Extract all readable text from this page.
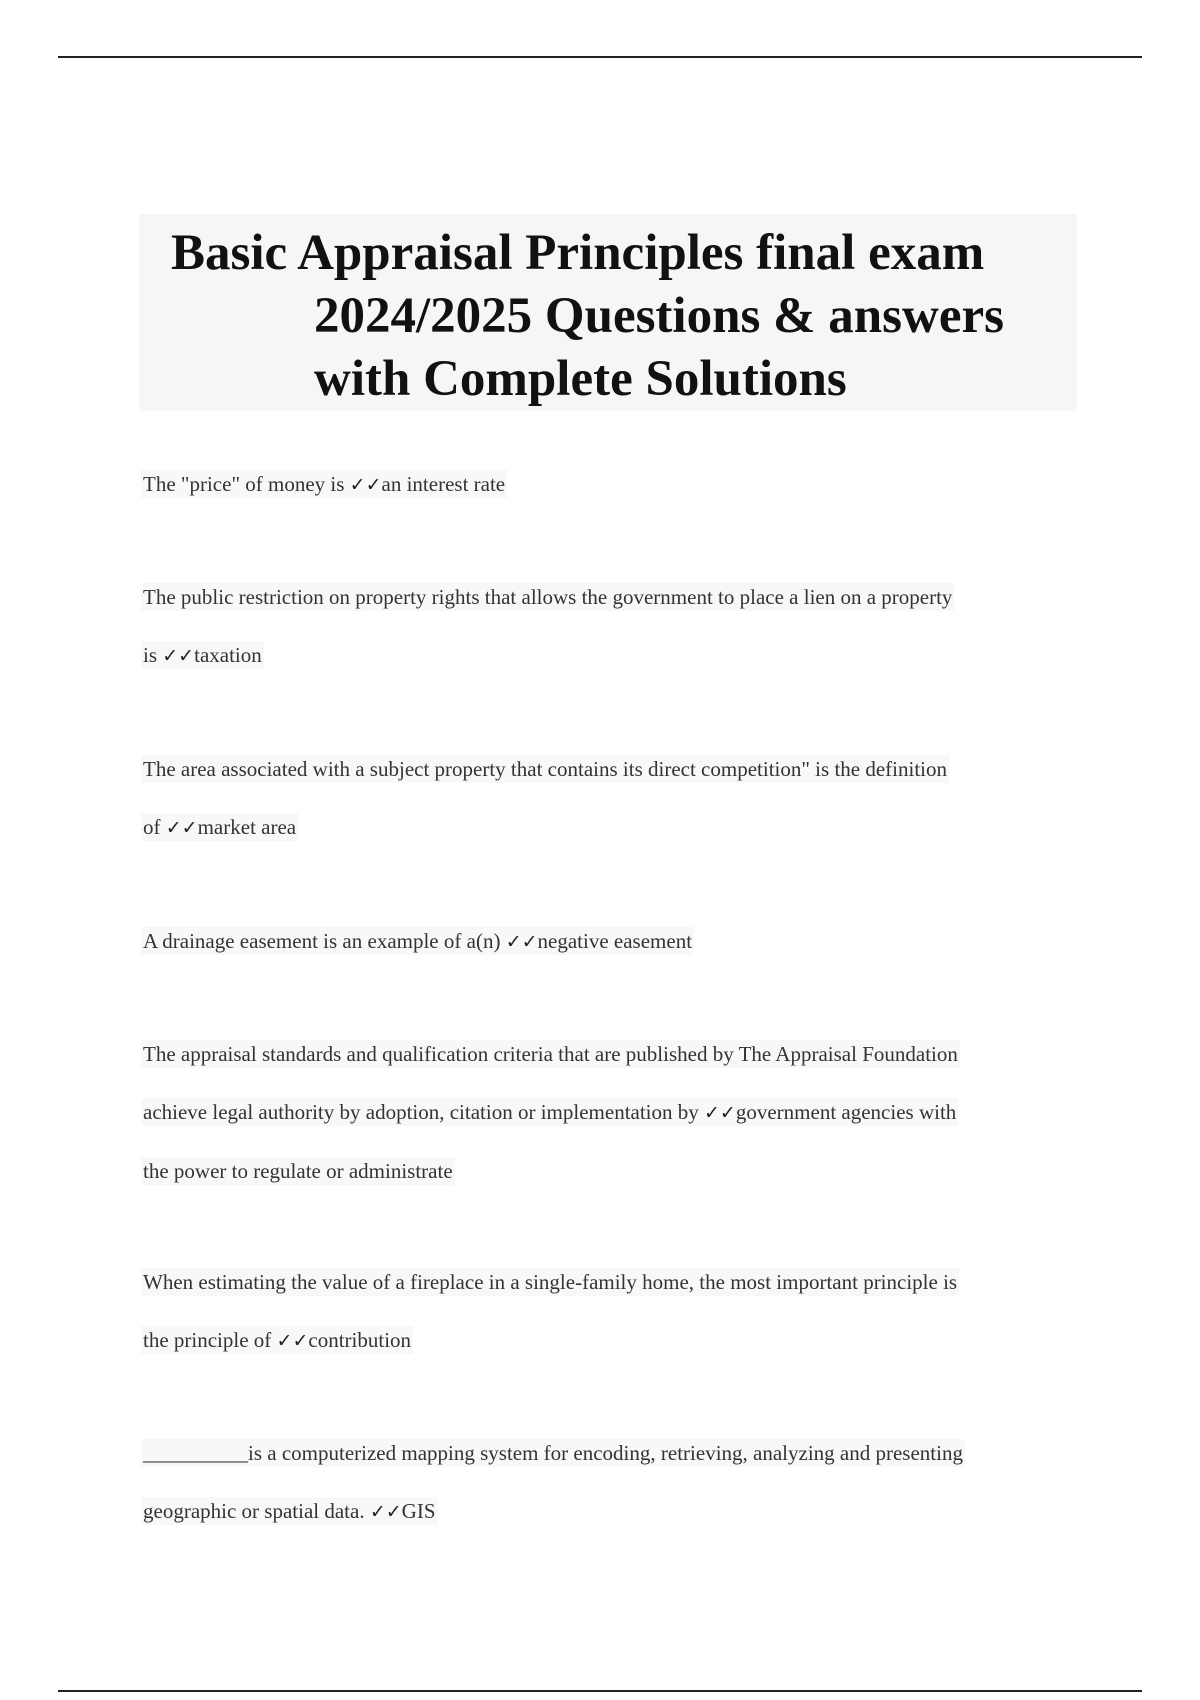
Basic Appraisal Principles final exam
2024/2025 Questions & answers
with Complete Solutions
The "price" of money is ✓✓an interest rate
The public restriction on property rights that allows the government to place a lien on a property
is ✓✓taxation
The area associated with a subject property that contains its direct competition" is the definition
of ✓✓market area
A drainage easement is an example of a(n) ✓✓negative easement
The appraisal standards and qualification criteria that are published by The Appraisal Foundation
achieve legal authority by adoption, citation or implementation by ✓✓government agencies with
the power to regulate or administrate
When estimating the value of a fireplace in a single-family home, the most important principle is
the principle of ✓✓contribution
__________is a computerized mapping system for encoding, retrieving, analyzing and presenting
geographic or spatial data. ✓✓GIS
